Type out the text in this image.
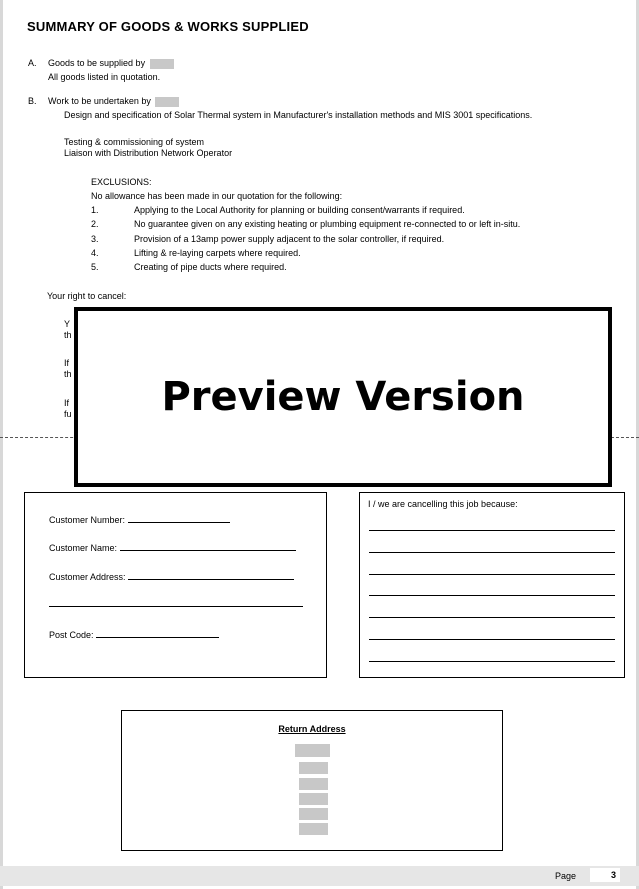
SUMMARY OF GOODS & WORKS SUPPLIED
A. Goods to be supplied by
All goods listed in quotation.
B. Work to be undertaken by
Design and specification of Solar Thermal system in Manufacturer's installation methods and MIS 3001 specifications.
Testing & commissioning of system
Liaison with Distribution Network Operator
EXCLUSIONS:
No allowance has been made in our quotation for the following:
1.	Applying to the Local Authority for planning or building consent/warrants if required.
2.	No guarantee given on any existing heating or plumbing equipment re-connected to or left in-situ.
3.	Provision of a 13amp power supply adjacent to the solar controller, if required.
4.	Lifting & re-laying carpets where required.
5.	Creating of pipe ducts where required.
Your right to cancel:
Y
th
If
th
If
fu Preview Version
Customer Number:
Customer Name:
Customer Address:
Post Code:
I / we are cancelling this job because:
Return Address
Page	3
